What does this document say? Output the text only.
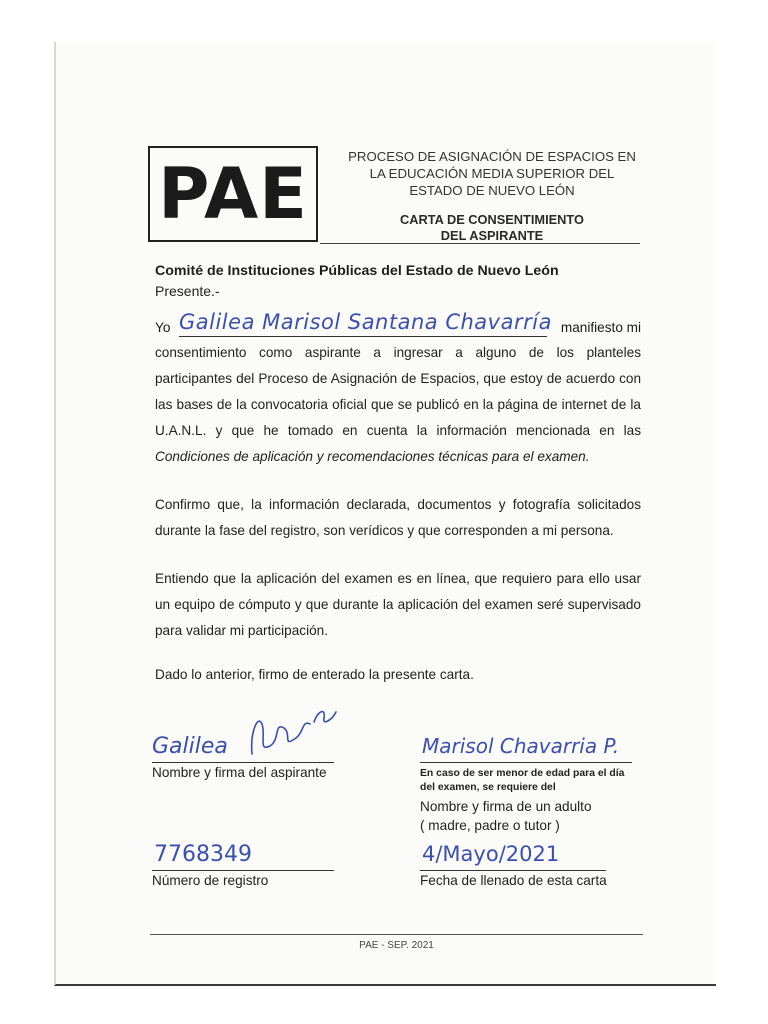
PAE	PROCESO DE ASIGNACIÓN DE ESPACIOS EN
LA EDUCACIÓN MEDIA SUPERIOR DEL
ESTADO DE NUEVO LEÓN
CARTA DE CONSENTIMIENTO
DEL ASPIRANTE
Comité de Instituciones Públicas del Estado de Nuevo León
Presente.-
Yo Galilea Marisol Santana Chavarría manifiesto mi
consentimiento como aspirante a ingresar a alguno de los planteles
participantes del Proceso de Asignación de Espacios, que estoy de acuerdo con
las bases de la convocatoria oficial que se publicó en la página de internet de la
U.A.N.L. y que he tomado en cuenta la información mencionada en las
Condiciones de aplicación y recomendaciones técnicas para el examen.
Confirmo que, la información declarada, documentos y fotografía solicitados
durante la fase del registro, son verídicos y que corresponden a mi persona.
Entiendo que la aplicación del examen es en línea, que requiero para ello usar
un equipo de cómputo y que durante la aplicación del examen seré supervisado
para validar mi participación.
Dado lo anterior, firmo de enterado la presente carta.
Galilea
Nombre y firma del aspirante
Marisol Chavarria P.
En caso de ser menor de edad para el día
del examen, se requiere del
Nombre y firma de un adulto
( madre, padre o tutor )
7768349
Número de registro
4/Mayo/2021
Fecha de llenado de esta carta
PAE - SEP. 2021
